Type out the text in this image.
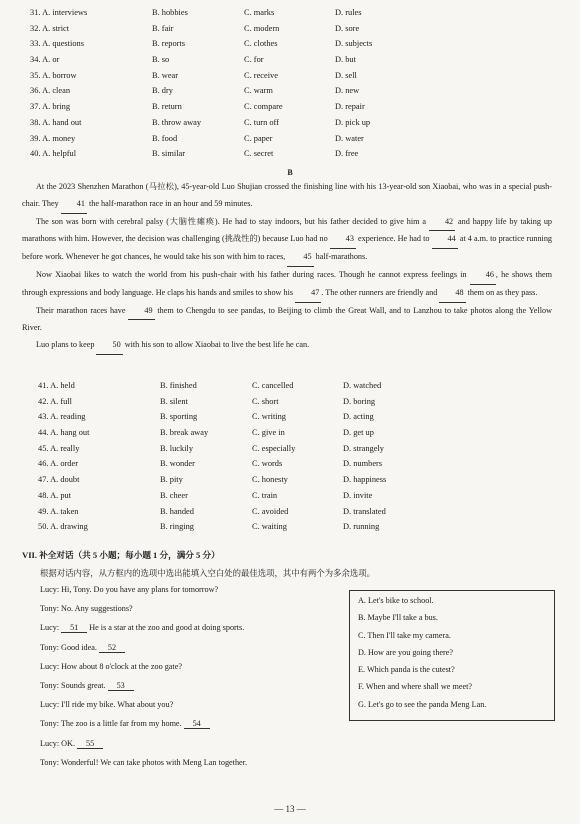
31. A. interviews	B. hobbies	C. marks	D. rules
32. A. strict	B. fair	C. modern	D. sore
33. A. questions	B. reports	C. clothes	D. subjects
34. A. or	B. so	C. for	D. but
35. A. borrow	B. wear	C. receive	D. sell
36. A. clean	B. dry	C. warm	D. new
37. A. bring	B. return	C. compare	D. repair
38. A. hand out	B. throw away	C. turn off	D. pick up
39. A. money	B. food	C. paper	D. water
40. A. helpful	B. similar	C. secret	D. free
B

At the 2023 Shenzhen Marathon (马拉松), 45-year-old Luo Shujian crossed the finishing line with his 13-year-old son Xiaobai, who was in a special push-chair. They 41 the half-marathon race in an hour and 59 minutes.

The son was born with cerebral palsy (大脑性瘫痪). He had to stay indoors, but his father decided to give him a 42 and happy life by taking up marathons with him. However, the decision was challenging (挑战性的) because Luo had no 43 experience. He had to 44 at 4 a.m. to practice running before work. Whenever he got chances, he would take his son with him to races, 45 half-marathons.

Now Xiaobai likes to watch the world from his push-chair with his father during races. Though he cannot express feelings in 46 , he shows them through expressions and body language. He claps his hands and smiles to show his 47 . The other runners are friendly and 48 them on as they pass.

Their marathon races have 49 them to Chengdu to see pandas, to Beijing to climb the Great Wall, and to Lanzhou to take photos along the Yellow River.

Luo plans to keep 50 with his son to allow Xiaobai to live the best life he can.

41. A. held	B. finished	C. cancelled	D. watched
42. A. full	B. silent	C. short	D. boring
43. A. reading	B. sporting	C. writing	D. acting
44. A. hang out	B. break away	C. give in	D. get up
45. A. really	B. luckily	C. especially	D. strangely
46. A. order	B. wonder	C. words	D. numbers
47. A. doubt	B. pity	C. honesty	D. happiness
48. A. put	B. cheer	C. train	D. invite
49. A. taken	B. handed	C. avoided	D. translated
50. A. drawing	B. ringing	C. waiting	D. running
VII. 补全对话（共 5 小题；每小题 1 分，满分 5 分）
根据对话内容，从方框内的选项中选出能填入空白处的最佳选项，其中有两个为多余选项。
Lucy: Hi, Tony. Do you have any plans for tomorrow?
Tony: No. Any suggestions?
Lucy: 51 He is a star at the zoo and good at doing sports.
Tony: Good idea. 52
Lucy: How about 8 o'clock at the zoo gate?
Tony: Sounds great. 53
Lucy: I'll ride my bike. What about you?
Tony: The zoo is a little far from my home. 54
Lucy: OK. 55
Tony: Wonderful! We can take photos with Meng Lan together.
A. Let's bike to school.
B. Maybe I'll take a bus.
C. Then I'll take my camera.
D. How are you going there?
E. Which panda is the cutest?
F. When and where shall we meet?
G. Let's go to see the panda Meng Lan.
— 13 —
